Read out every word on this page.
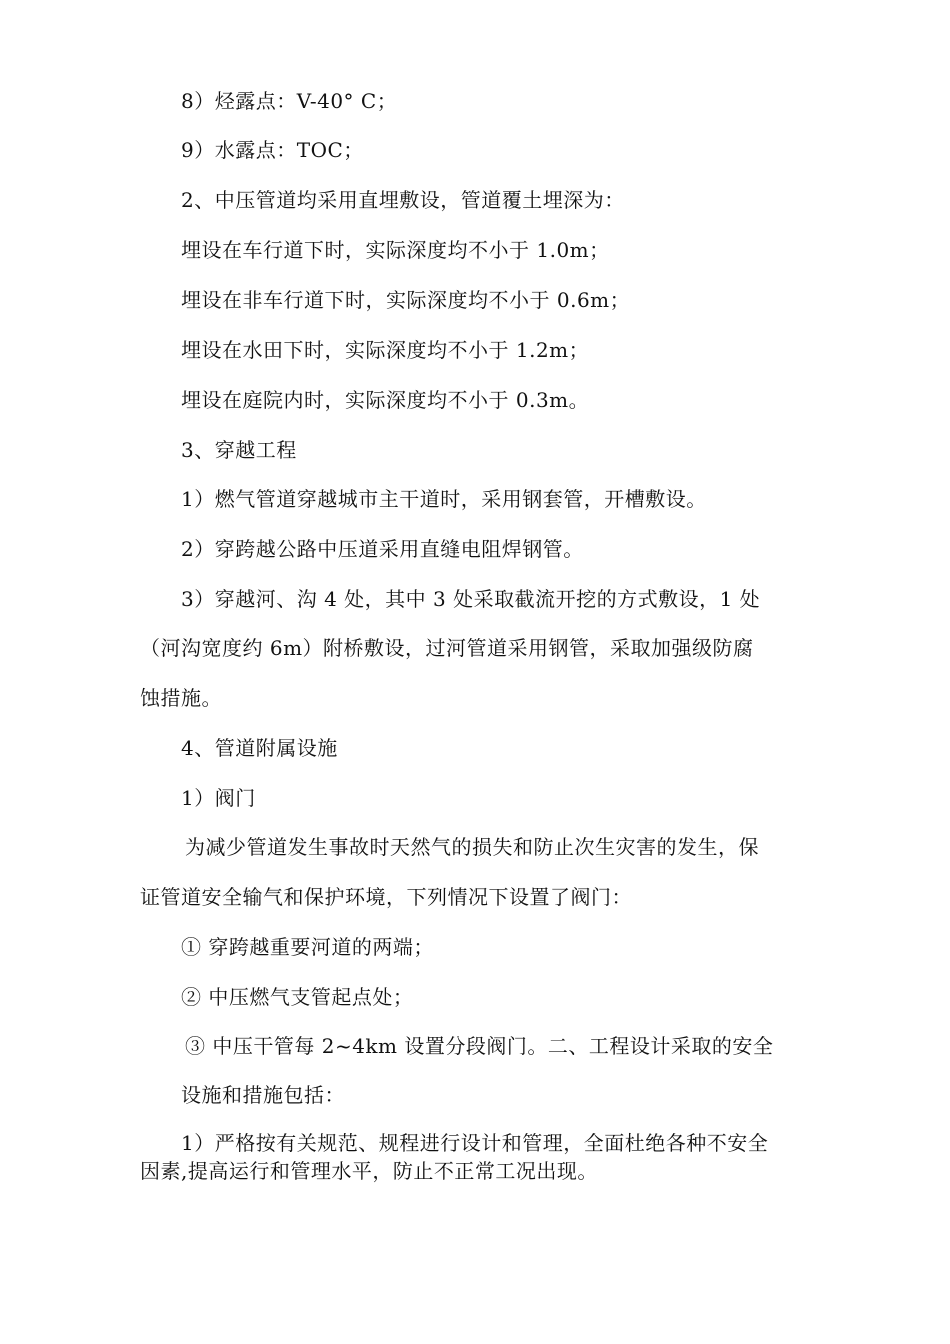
8）烃露点：V-40° C；

9）水露点：TOC；

2、中压管道均采用直埋敷设，管道覆土埋深为：

埋设在车行道下时，实际深度均不小于 1.0m；

埋设在非车行道下时，实际深度均不小于 0.6m；

埋设在水田下时，实际深度均不小于 1.2m；

埋设在庭院内时，实际深度均不小于 0.3m。

3、穿越工程

1）燃气管道穿越城市主干道时，采用钢套管，开槽敷设。

2）穿跨越公路中压道采用直缝电阻焊钢管。

3）穿越河、沟 4 处，其中 3 处采取截流开挖的方式敷设，1 处

（河沟宽度约 6m）附桥敷设，过河管道采用钢管，采取加强级防腐

蚀措施。

4、管道附属设施

1）阀门

为减少管道发生事故时天然气的损失和防止次生灾害的发生，保

证管道安全输气和保护环境，下列情况下设置了阀门：

① 穿跨越重要河道的两端；

② 中压燃气支管起点处；

③ 中压干管每 2~4km 设置分段阀门。二、工程设计采取的安全

设施和措施包括：

1）严格按有关规范、规程进行设计和管理，全面杜绝各种不安全

因素,提高运行和管理水平，防止不正常工况出现。
